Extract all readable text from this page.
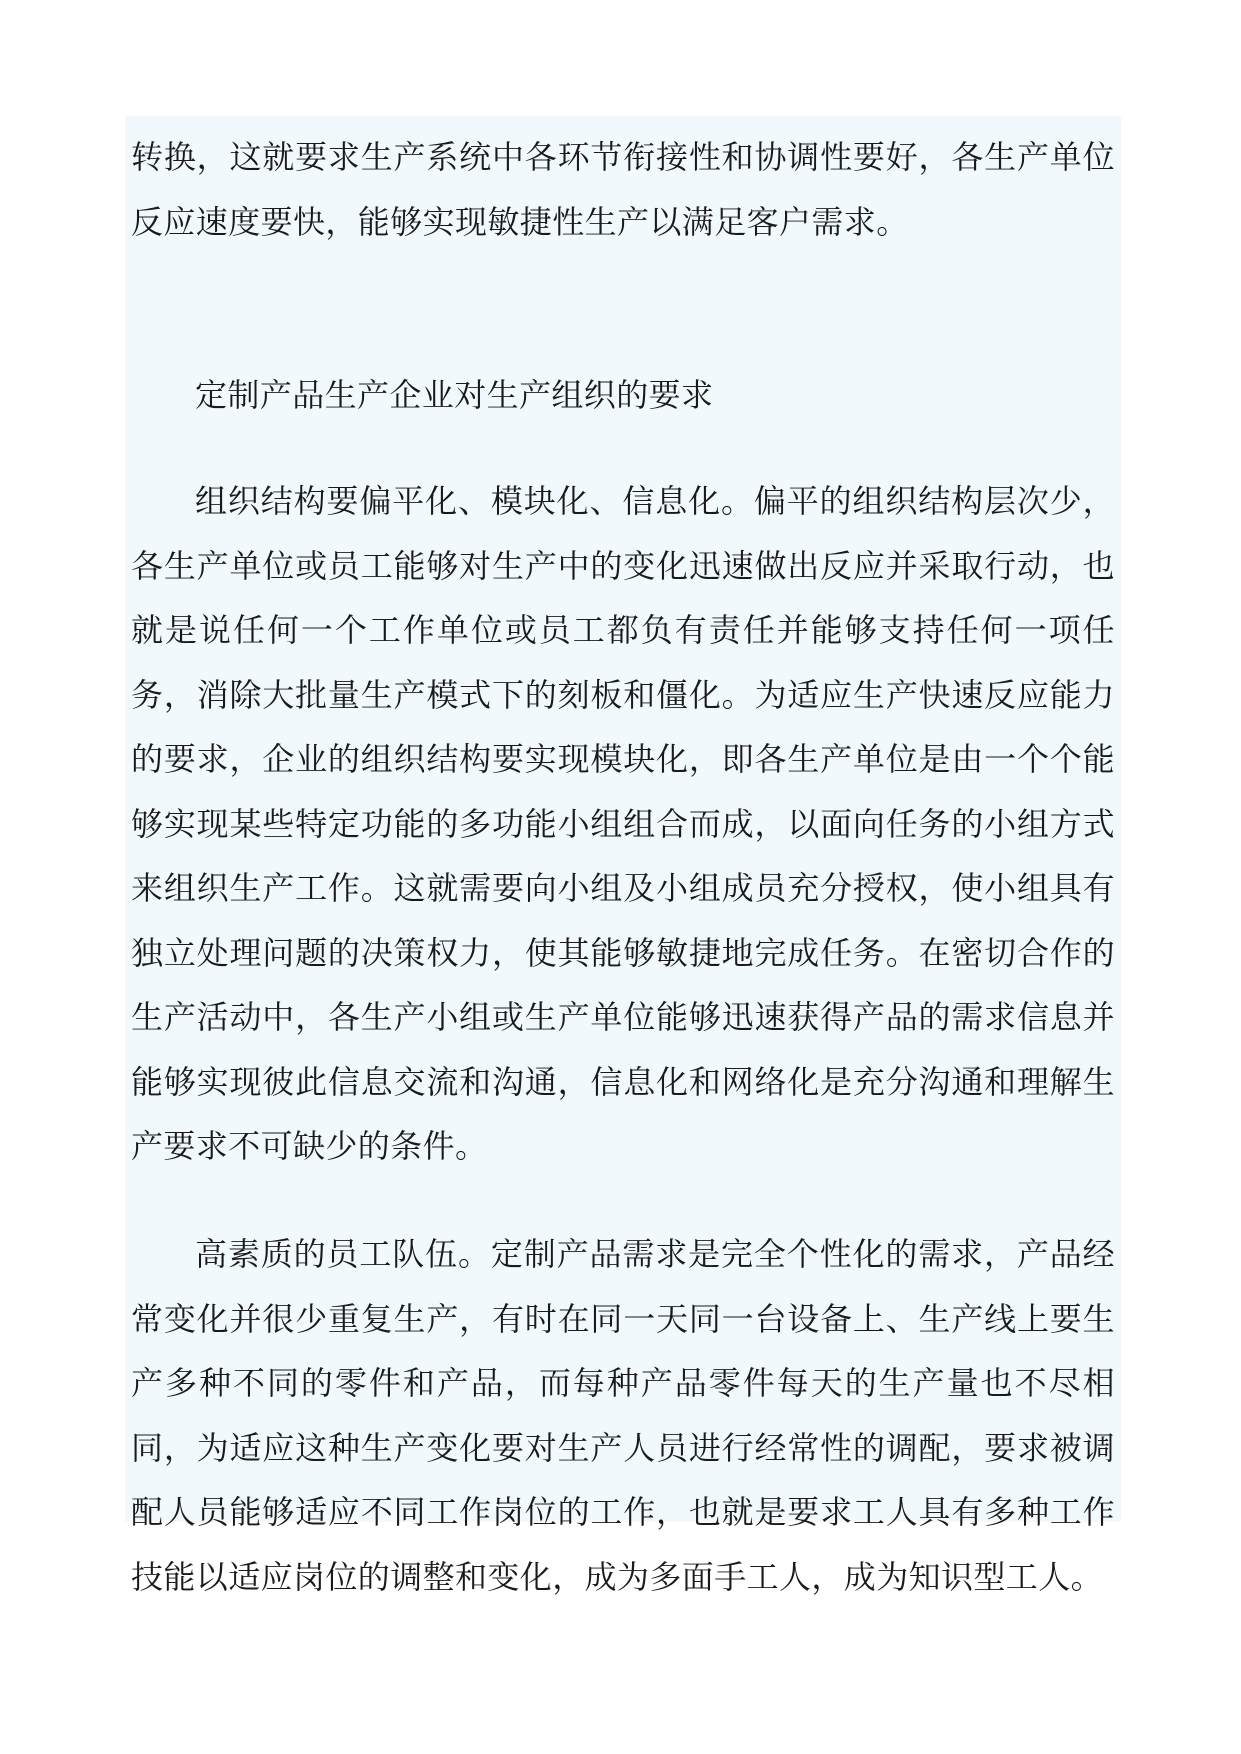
转换，这就要求生产系统中各环节衔接性和协调性要好，各生产单位反应速度要快，能够实现敏捷性生产以满足客户需求。

定制产品生产企业对生产组织的要求

组织结构要偏平化、模块化、信息化。偏平的组织结构层次少，各生产单位或员工能够对生产中的变化迅速做出反应并采取行动，也就是说任何一个工作单位或员工都负有责任并能够支持任何一项任务，消除大批量生产模式下的刻板和僵化。为适应生产快速反应能力的要求，企业的组织结构要实现模块化，即各生产单位是由一个个能够实现某些特定功能的多功能小组组合而成，以面向任务的小组方式来组织生产工作。这就需要向小组及小组成员充分授权，使小组具有独立处理问题的决策权力，使其能够敏捷地完成任务。在密切合作的生产活动中，各生产小组或生产单位能够迅速获得产品的需求信息并能够实现彼此信息交流和沟通，信息化和网络化是充分沟通和理解生产要求不可缺少的条件。

高素质的员工队伍。定制产品需求是完全个性化的需求，产品经常变化并很少重复生产，有时在同一天同一台设备上、生产线上要生产多种不同的零件和产品，而每种产品零件每天的生产量也不尽相同，为适应这种生产变化要对生产人员进行经常性的调配，要求被调配人员能够适应不同工作岗位的工作，也就是要求工人具有多种工作技能以适应岗位的调整和变化，成为多面手工人，成为知识型工人。
